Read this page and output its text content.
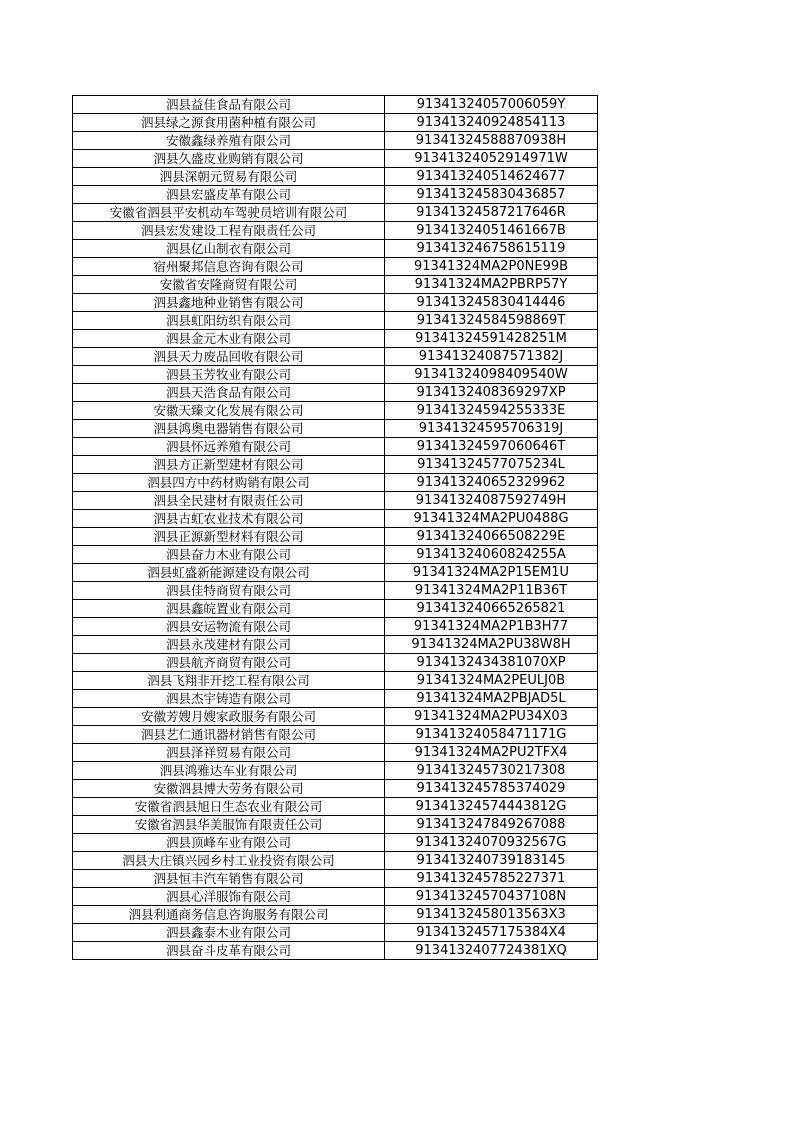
泗县益佳食品有限公司	91341324057006059Y
泗县绿之源食用菌种植有限公司	913413240924854113
安徽鑫绿养殖有限公司	91341324588870938H
泗县久盛皮业购销有限公司	91341324052914971W
泗县深朝元贸易有限公司	913413240514624677
泗县宏盛皮革有限公司	913413245830436857
安徽省泗县平安机动车驾驶员培训有限公司	91341324587217646R
泗县宏发建设工程有限责任公司	91341324051461667B
泗县亿山制衣有限公司	913413246758615119
宿州聚邦信息咨询有限公司	91341324MA2P0NE99B
安徽省安隆商贸有限公司	91341324MA2PBRP57Y
泗县鑫地种业销售有限公司	913413245830414446
泗县虹阳纺织有限公司	91341324584598869T
泗县金元木业有限公司	91341324591428251M
泗县天力废品回收有限公司	91341324087571382J
泗县玉芳牧业有限公司	91341324098409540W
泗县天浩食品有限公司	9134132408369297XP
安徽天臻文化发展有限公司	91341324594255333E
泗县鸿奥电器销售有限公司	91341324595706319J
泗县怀远养殖有限公司	91341324597060646T
泗县方正新型建材有限公司	91341324577075234L
泗县四方中药材购销有限公司	913413240652329962
泗县全民建材有限责任公司	91341324087592749H
泗县古虹农业技术有限公司	91341324MA2PU0488G
泗县正源新型材料有限公司	91341324066508229E
泗县奋力木业有限公司	91341324060824255A
泗县虹盛新能源建设有限公司	91341324MA2P15EM1U
泗县佳特商贸有限公司	91341324MA2P11B36T
泗县鑫皖置业有限公司	913413240665265821
泗县安运物流有限公司	91341324MA2P1B3H77
泗县永茂建材有限公司	91341324MA2PU38W8H
泗县航齐商贸有限公司	9134132434381070XP
泗县飞翔非开挖工程有限公司	91341324MA2PEULJ0B
泗县杰宇铸造有限公司	91341324MA2PBJAD5L
安徽芳嫂月嫂家政服务有限公司	91341324MA2PU34X03
泗县艺仁通讯器材销售有限公司	91341324058471171G
泗县泽祥贸易有限公司	91341324MA2PU2TFX4
泗县鸿雅达车业有限公司	913413245730217308
安徽泗县博大劳务有限公司	913413245785374029
安徽省泗县旭日生态农业有限公司	91341324574443812G
安徽省泗县华美服饰有限责任公司	913413247849267088
泗县顶峰车业有限公司	91341324070932567G
泗县大庄镇兴园乡村工业投资有限公司	913413240739183145
泗县恒丰汽车销售有限公司	913413245785227371
泗县心洋服饰有限公司	91341324570437108N
泗县利通商务信息咨询服务有限公司	9134132458013563X3
泗县鑫泰木业有限公司	9134132457175384X4
泗县奋斗皮革有限公司	9134132407724381XQ
